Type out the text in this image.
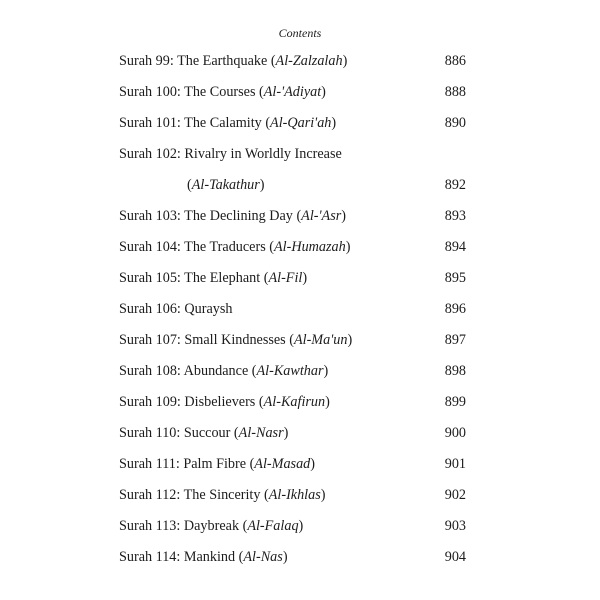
Contents
Surah 99: The Earthquake (Al-Zalzalah)	886
Surah 100: The Courses (Al-'Adiyat)	888
Surah 101: The Calamity (Al-Qari'ah)	890
Surah 102: Rivalry in Worldly Increase
(Al-Takathur)	892
Surah 103: The Declining Day (Al-'Asr)	893
Surah 104: The Traducers (Al-Humazah)	894
Surah 105: The Elephant (Al-Fil)	895
Surah 106: Quraysh	896
Surah 107: Small Kindnesses (Al-Ma'un)	897
Surah 108: Abundance (Al-Kawthar)	898
Surah 109: Disbelievers (Al-Kafirun)	899
Surah 110: Succour (Al-Nasr)	900
Surah 111: Palm Fibre (Al-Masad)	901
Surah 112: The Sincerity (Al-Ikhlas)	902
Surah 113: Daybreak (Al-Falaq)	903
Surah 114: Mankind (Al-Nas)	904
